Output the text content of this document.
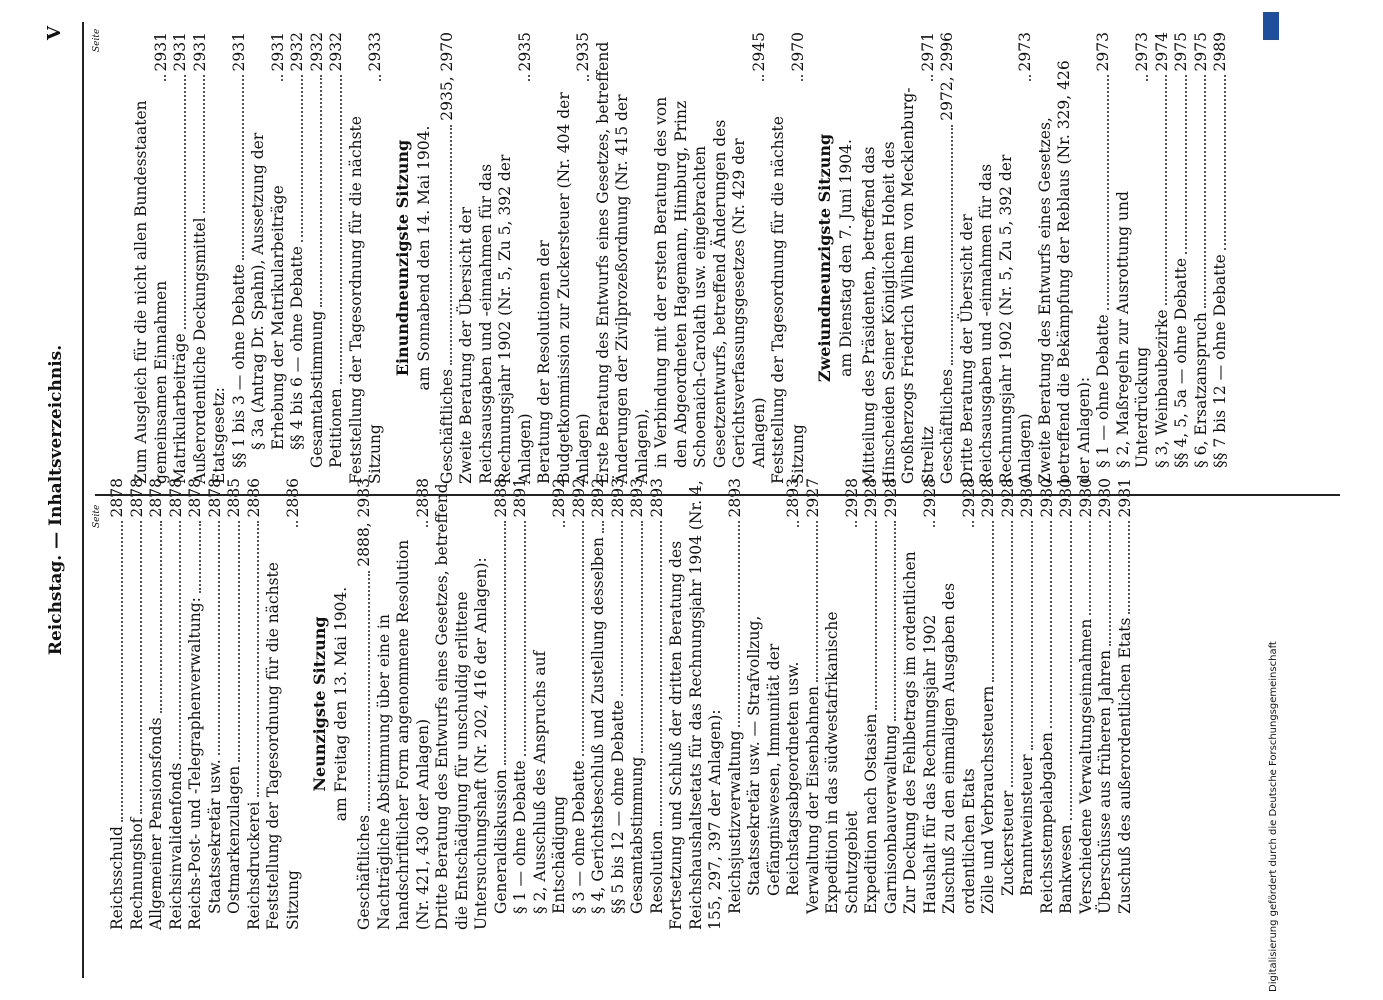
Reichstag. — Inhaltsverzeichnis.
V
Seite
Seite
Reichsschuld
2878
Rechnungshof
2878
Allgemeiner Pensionsfonds
2878
Reichsinvalidenfonds
2878
Reichs-Post- und -Telegraphenverwaltung:
2878
Staatssekretär usw.
2878
Ostmarkenzulagen
2885
Reichsdruckerei
2886
Feststellung der Tagesordnung für die nächste Sitzung
2886
Neunzigste Sitzung am Freitag den 13. Mai 1904.
Geschäftliches
2888, 2933
Nachträgliche Abstimmung über eine in handschriftlicher Form angenommene Resolution (Nr. 421, 430 der Anlagen)
2888 Dritte Beratung des Entwurfs eines Gesetzes, betreffend die Entschädigung für unschuldig erlittene Untersuchungshaft (Nr. 202, 416 der Anlagen): Generaldiskussion
2888
§ 1 — ohne Debatte
2891
§ 2, Ausschluß des Anspruchs auf Entschädigung
2892
§ 3 — ohne Debatte
2892
§ 4, Gerichtsbeschluß und Zustellung desselben
2892
§§ 5 bis 12 — ohne Debatte
2893
Gesamtabstimmung
2893
Resolution
2893
Fortsetzung und Schluß der dritten Beratung des Reichshaushaltsetats für das Rechnungsjahr 1904 (Nr. 4, 155, 297, 397 der Anlagen): Reichsjustizverwaltung
2893
Staatssekretär usw. — Strafvollzug, Gefängniswesen, Immunität der Reichstagsabgeordneten usw.
2893
Verwaltung der Eisenbahnen
2927
Expedition in das südwestafrikanische Schutzgebiet
2928
Expedition nach Ostasien
2928
Garnisonbauverwaltung
2928
Zur Deckung des Fehlbetrags im ordentlichen Haushalt für das Rechnungsjahr 1902
2928
Zuschuß zu den einmaligen Ausgaben des ordentlichen Etats
2928
Zölle und Verbrauchssteuern
2928
Zuckersteuer
2928
Branntweinsteuer
2930
Reichsstempelabgaben
2930
Bankwesen
2930
Verschiedene Verwaltungseinnahmen
2930
Überschüsse aus früheren Jahren
2930
Zuschuß des außerordentlichen Etats
2931
Zum Ausgleich für die nicht allen Bundesstaaten gemeinsamen Einnahmen
2931
Matrikularbeiträge
2931
Außerordentliche Deckungsmittel
2931
Etatsgesetz: §§ 1 bis 3 — ohne Debatte
2931
§ 3a (Antrag Dr. Spahn), Aussetzung der Erhebung der Matrikularbeiträge
2931
§§ 4 bis 6 — ohne Debatte
2932
Gesamtabstimmung
2932
Petitionen
2932
Feststellung der Tagesordnung für die nächste Sitzung
2933
Einundneunzigste Sitzung am Sonnabend den 14. Mai 1904.
Geschäftliches
2935, 2970
Zweite Beratung der Übersicht der Reichsausgaben und -einnahmen für das Rechnungsjahr 1902 (Nr. 5, Zu 5, 392 der Anlagen)
2935
Beratung der Resolutionen der Budgetkommission zur Zuckersteuer (Nr. 404 der Anlagen)
2935 Erste Beratung des Entwurfs eines Gesetzes, betreffend Änderungen der Zivilprozeßordnung (Nr. 415 der Anlagen), in Verbindung mit der ersten Beratung des von den Abgeordneten Hagemann, Himburg, Prinz Schoenaich-Carolath usw. eingebrachten Gesetzentwurfs, betreffend Änderungen des Gerichtsverfassungsgesetzes (Nr. 429 der Anlagen)
2945
Feststellung der Tagesordnung für die nächste Sitzung
2970
Zweiundneunzigste Sitzung am Dienstag den 7. Juni 1904. Mitteilung des Präsidenten, betreffend das Hinscheiden Seiner Königlichen Hoheit des Großherzogs Friedrich Wilhelm von Mecklenburg-Strelitz
2971
Geschäftliches
2972, 2996
Dritte Beratung der Übersicht der Reichsausgaben und -einnahmen für das Rechnungsjahr 1902 (Nr. 5, Zu 5, 392 der Anlagen)
2973
Zweite Beratung des Entwurfs eines Gesetzes, betreffend die Bekämpfung der Reblaus (Nr. 329, 426 der Anlagen): § 1 — ohne Debatte
2973
§ 2, Maßregeln zur Ausrottung und Unterdrückung
2973
§ 3, Weinbaubezirke
2974
§§ 4, 5, 5a — ohne Debatte
2975
§ 6, Ersatzanspruch
2975
§§ 7 bis 12 — ohne Debatte
2989
Digitalisierung gefördert durch die Deutsche Forschungsgemeinschaft
